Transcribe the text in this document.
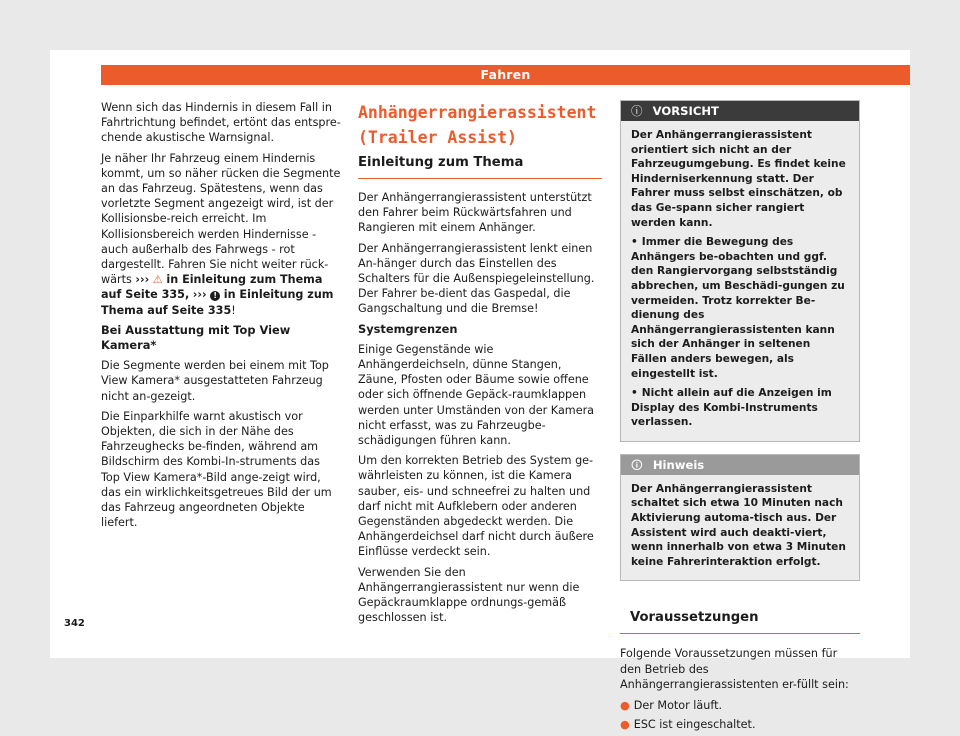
Fahren

Wenn sich das Hindernis in diesem Fall in Fahrtrichtung befindet, ertönt das entspre-chende akustische Warnsignal.

Je näher Ihr Fahrzeug einem Hindernis kommt, um so näher rücken die Segmente an das Fahrzeug. Spätestens, wenn das vorletzte Segment angezeigt wird, ist der Kollisionsbe-reich erreicht. Im Kollisionsbereich werden Hindernisse - auch außerhalb des Fahrwegs - rot dargestellt. Fahren Sie nicht weiter rück-wärts ››› ⚠ in Einleitung zum Thema auf Seite 335, ››› ! in Einleitung zum Thema auf Seite 335!

Bei Ausstattung mit Top View Kamera*

Die Segmente werden bei einem mit Top View Kamera* ausgestatteten Fahrzeug nicht an-gezeigt.

Die Einparkhilfe warnt akustisch vor Objekten, die sich in der Nähe des Fahrzeughecks be-finden, während am Bildschirm des Kombi-In-struments das Top View Kamera*-Bild ange-zeigt wird, das ein wirklichkeitsgetreues Bild der um das Fahrzeug angeordneten Objekte liefert.

Anhängerrangierassistent (Trailer Assist)
Einleitung zum Thema

Der Anhängerrangierassistent unterstützt den Fahrer beim Rückwärtsfahren und Rangieren mit einem Anhänger.

Der Anhängerrangierassistent lenkt einen An-hänger durch das Einstellen des Schalters für die Außenspiegeleinstellung. Der Fahrer be-dient das Gaspedal, die Gangschaltung und die Bremse!

Systemgrenzen

Einige Gegenstände wie Anhängerdeichseln, dünne Stangen, Zäune, Pfosten oder Bäume sowie offene oder sich öffnende Gepäck-raumklappen werden unter Umständen von der Kamera nicht erfasst, was zu Fahrzeugbe-schädigungen führen kann.

Um den korrekten Betrieb des System ge-währleisten zu können, ist die Kamera sauber, eis- und schneefrei zu halten und darf nicht mit Aufklebern oder anderen Gegenständen abgedeckt werden. Die Anhängerdeichsel darf nicht durch äußere Einflüsse verdeckt sein.

Verwenden Sie den Anhängerrangierassistent nur wenn die Gepäckraumklappe ordnungs-gemäß geschlossen ist.

ⓘ VORSICHT

Der Anhängerrangierassistent orientiert sich nicht an der Fahrzeugumgebung. Es findet keine Hinderniserkennung statt. Der Fahrer muss selbst einschätzen, ob das Ge-spann sicher rangiert werden kann.

• Immer die Bewegung des Anhängers be-obachten und ggf. den Rangiervorgang selbstständig abbrechen, um Beschädi-gungen zu vermeiden. Trotz korrekter Be-dienung des Anhängerrangierassistenten kann sich der Anhänger in seltenen Fällen anders bewegen, als eingestellt ist.

• Nicht allein auf die Anzeigen im Display des Kombi-Instruments verlassen.

🛈 Hinweis

Der Anhängerrangierassistent schaltet sich etwa 10 Minuten nach Aktivierung automa-tisch aus. Der Assistent wird auch deakti-viert, wenn innerhalb von etwa 3 Minuten keine Fahrerinteraktion erfolgt.

Voraussetzungen

Folgende Voraussetzungen müssen für den Betrieb des Anhängerrangierassistenten er-füllt sein:

● Der Motor läuft.
● ESC ist eingeschaltet.
342
